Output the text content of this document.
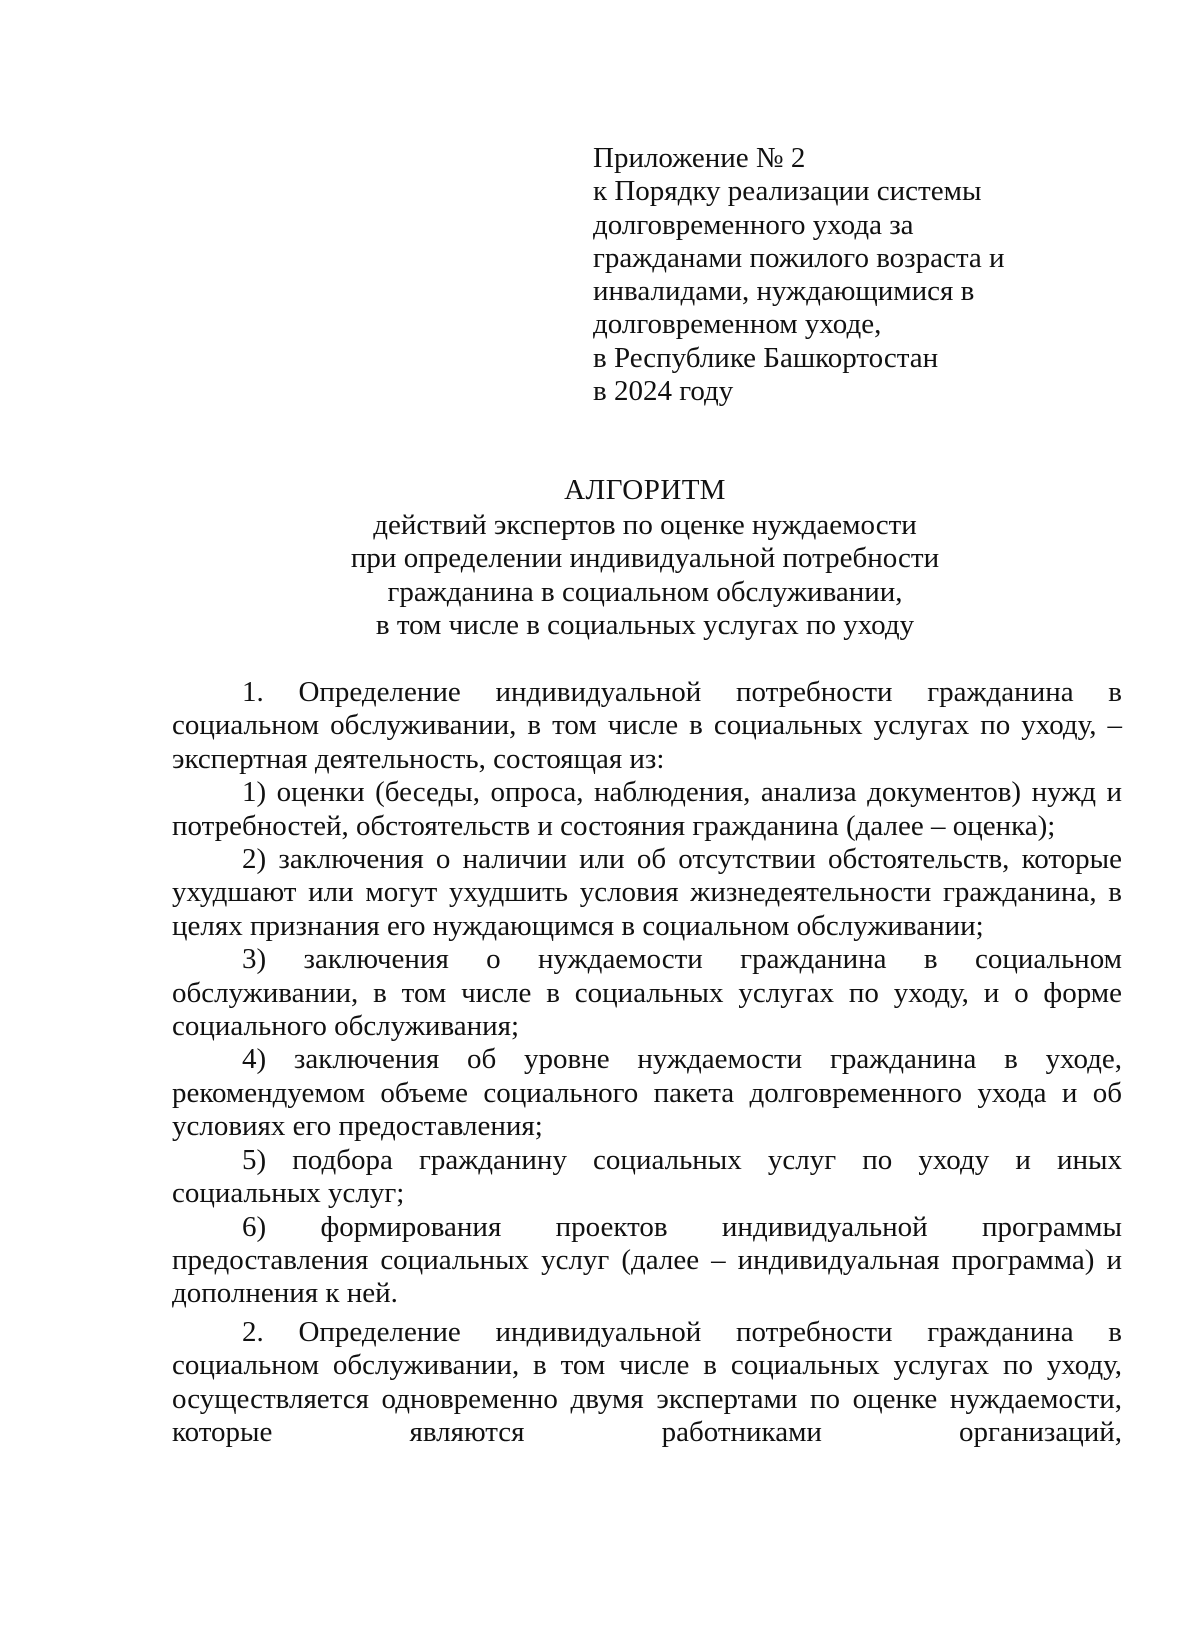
Приложение № 2
к Порядку реализации системы
долговременного ухода за
гражданами пожилого возраста и
инвалидами, нуждающимися в
долговременном уходе,
в Республике Башкортостан
в 2024 году
АЛГОРИТМ
действий экспертов по оценке нуждаемости
при определении индивидуальной потребности
гражданина в социальном обслуживании,
в том числе в социальных услугах по уходу

1. Определение индивидуальной потребности гражданина в социальном обслуживании, в том числе в социальных услугах по уходу, – экспертная деятельность, состоящая из:

1) оценки (беседы, опроса, наблюдения, анализа документов) нужд и потребностей, обстоятельств и состояния гражданина (далее – оценка);

2) заключения о наличии или об отсутствии обстоятельств, которые ухудшают или могут ухудшить условия жизнедеятельности гражданина, в целях признания его нуждающимся в социальном обслуживании;

3) заключения о нуждаемости гражданина в социальном обслуживании, в том числе в социальных услугах по уходу, и о форме социального обслуживания;

4) заключения об уровне нуждаемости гражданина в уходе, рекомендуемом объеме социального пакета долговременного ухода и об условиях его предоставления;

5) подбора гражданину социальных услуг по уходу и иных социальных услуг;

6) формирования проектов индивидуальной программы предоставления социальных услуг (далее – индивидуальная программа) и дополнения к ней.

2. Определение индивидуальной потребности гражданина в социальном обслуживании, в том числе в социальных услугах по уходу, осуществляется одновременно двумя экспертами по оценке нуждаемости, которые являются работниками организаций,
